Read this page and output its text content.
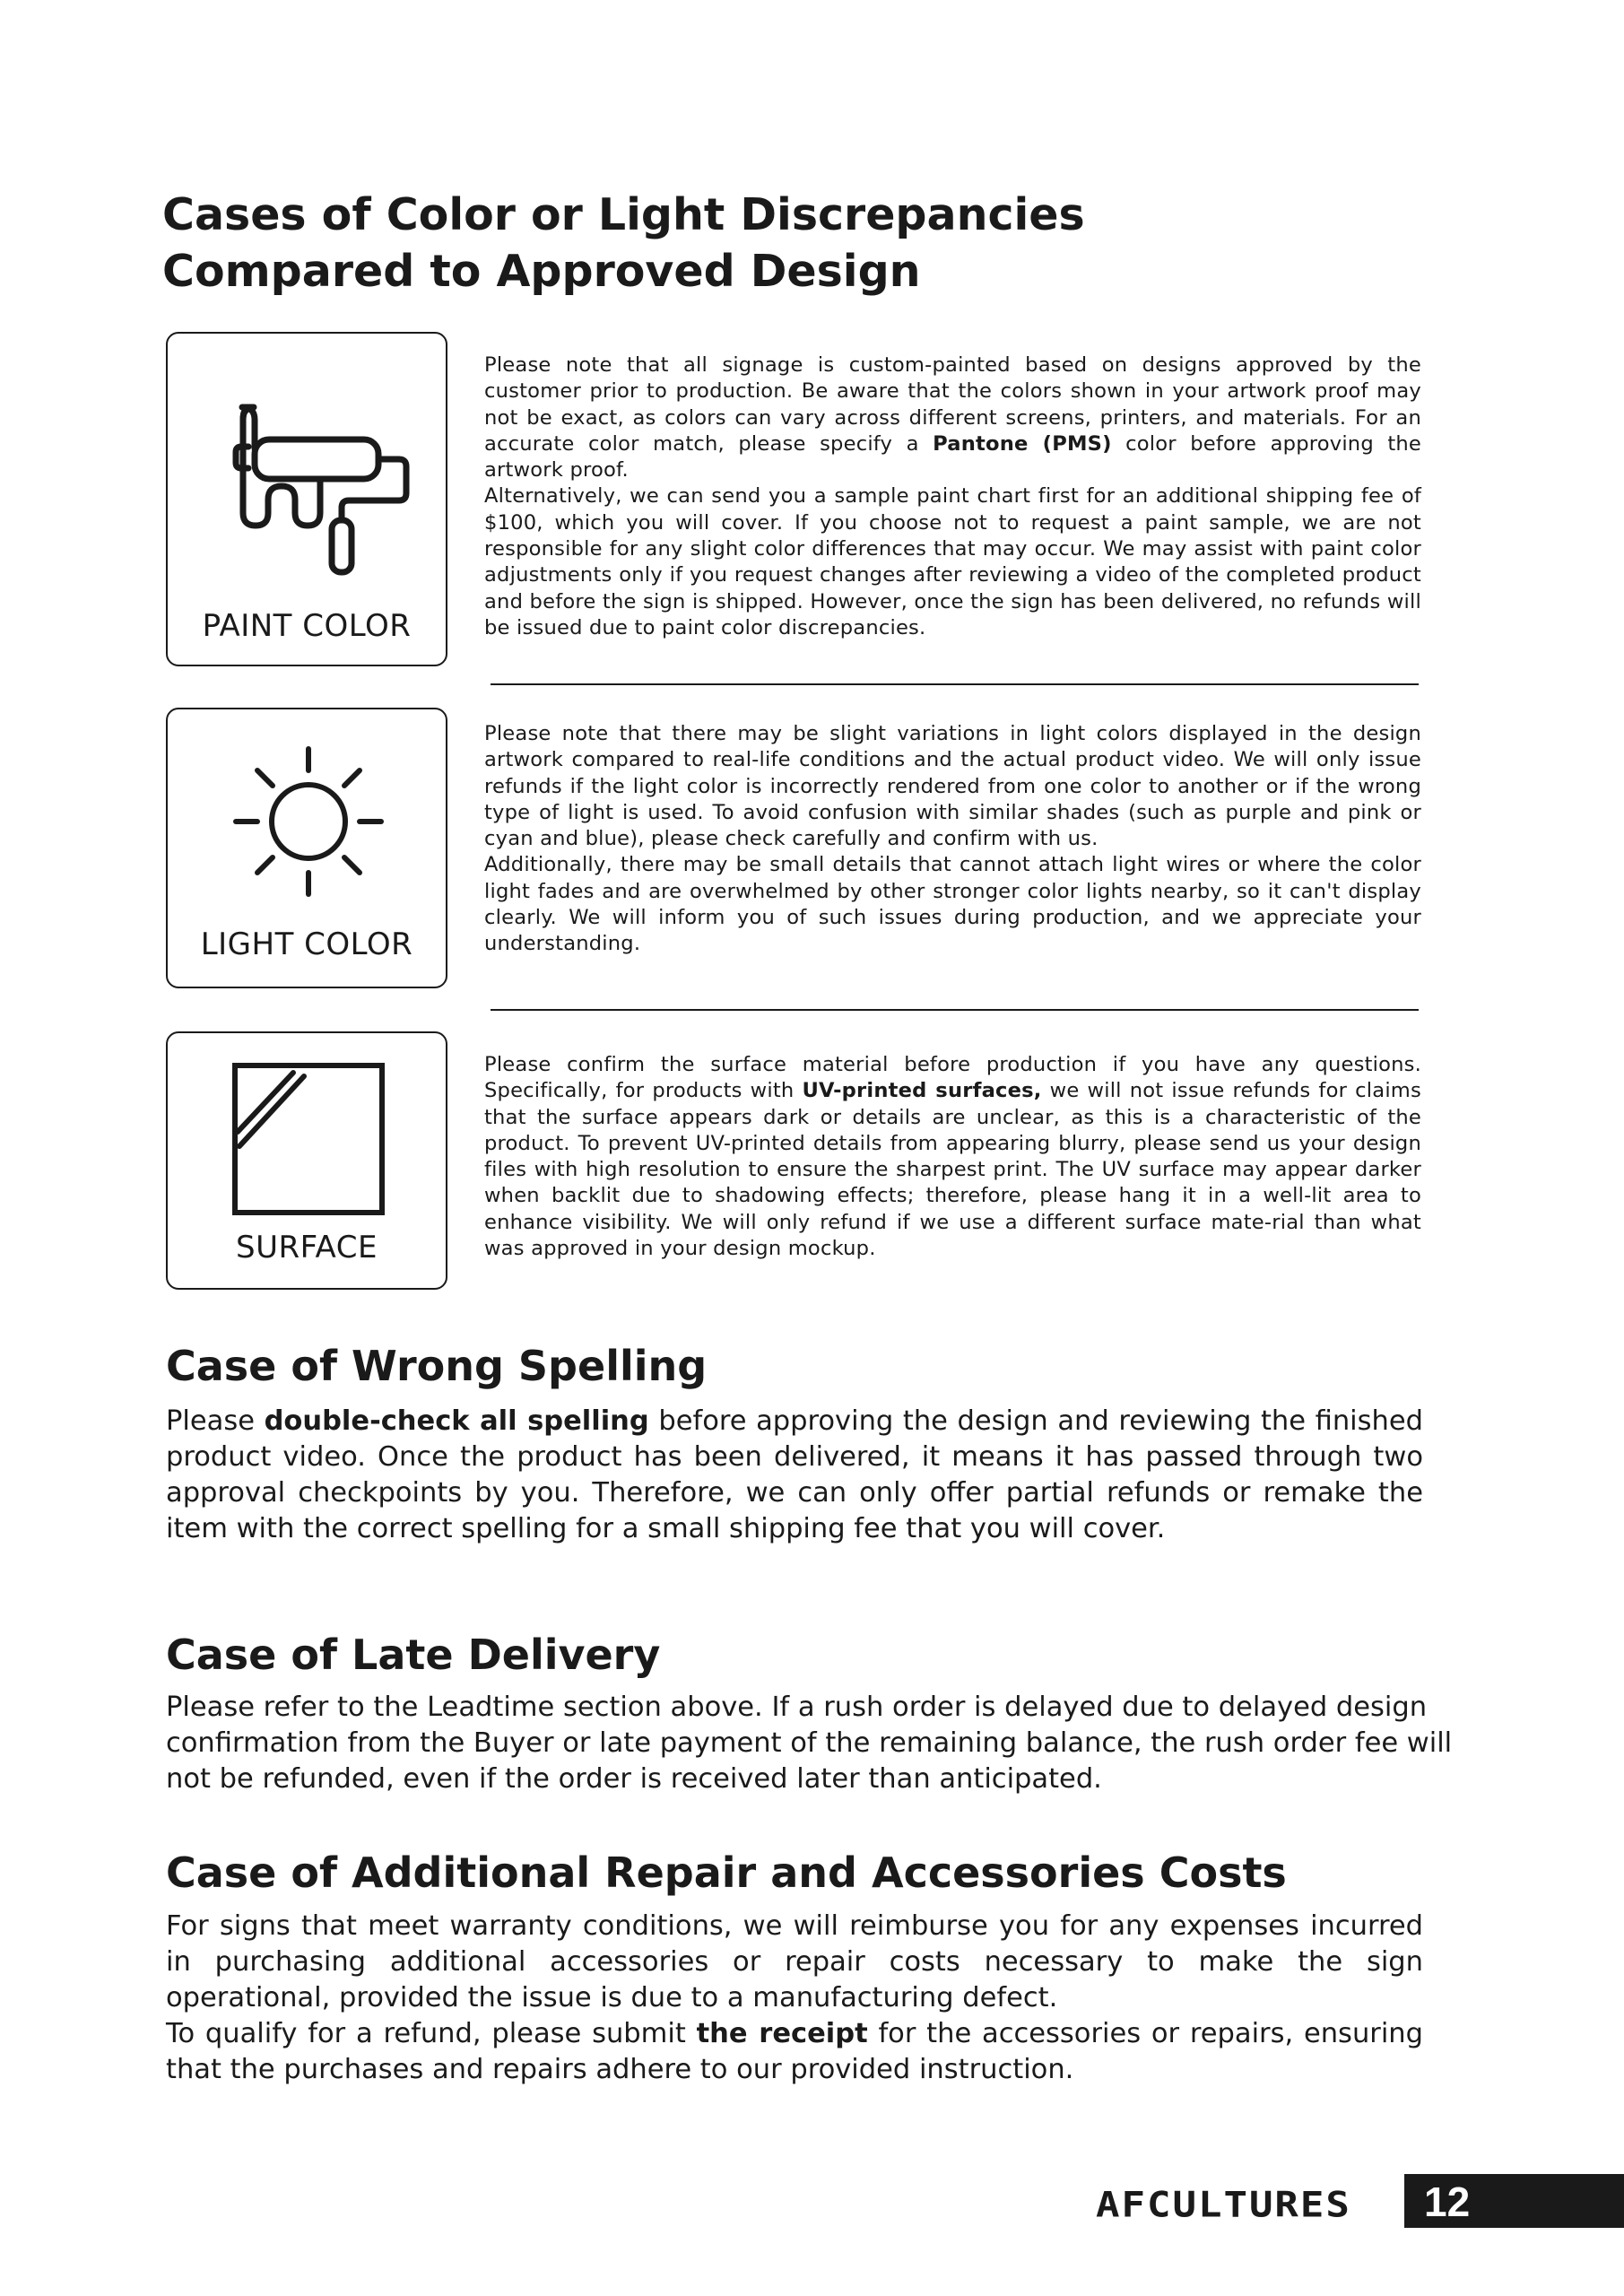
Cases of Color or Light Discrepancies
Compared to Approved Design
PAINT COLOR

Please note that all signage is custom-painted based on designs approved by the customer prior to production. Be aware that the colors shown in your artwork proof may not be exact, as colors can vary across different screens, printers, and materials. For an accurate color match, please specify a Pantone (PMS) color before approving the artwork proof.

Alternatively, we can send you a sample paint chart first for an additional shipping fee of $100, which you will cover. If you choose not to request a paint sample, we are not responsible for any slight color differences that may occur. We may assist with paint color adjustments only if you request changes after reviewing a video of the completed product and before the sign is shipped. However, once the sign has been delivered, no refunds will be issued due to paint color discrepancies.

LIGHT COLOR

Please note that there may be slight variations in light colors displayed in the design artwork compared to real-life conditions and the actual product video. We will only issue refunds if the light color is incorrectly rendered from one color to another or if the wrong type of light is used. To avoid confusion with similar shades (such as purple and pink or cyan and blue), please check carefully and confirm with us.

Additionally, there may be small details that cannot attach light wires or where the color light fades and are overwhelmed by other stronger color lights nearby, so it can't display clearly. We will inform you of such issues during production, and we appreciate your understanding.

SURFACE

Please confirm the surface material before production if you have any questions. Specifically, for products with UV-printed surfaces, we will not issue refunds for claims that the surface appears dark or details are unclear, as this is a characteristic of the product. To prevent UV-printed details from appearing blurry, please send us your design files with high resolution to ensure the sharpest print. The UV surface may appear darker when backlit due to shadowing effects; therefore, please hang it in a well-lit area to enhance visibility. We will only refund if we use a different surface mate-rial than what was approved in your design mockup.

Case of Wrong Spelling

Please double-check all spelling before approving the design and reviewing the finished product video. Once the product has been delivered, it means it has passed through two approval checkpoints by you. Therefore, we can only offer partial refunds or remake the item with the correct spelling for a small shipping fee that you will cover.

Case of Late Delivery

Please refer to the Leadtime section above. If a rush order is delayed due to delayed design confirmation from the Buyer or late payment of the remaining balance, the rush order fee will not be refunded, even if the order is received later than anticipated.

Case of Additional Repair and Accessories Costs

For signs that meet warranty conditions, we will reimburse you for any expenses incurred in purchasing additional accessories or repair costs necessary to make the sign operational, provided the issue is due to a manufacturing defect.

To qualify for a refund, please submit the receipt for the accessories or repairs, ensuring that the purchases and repairs adhere to our provided instruction.

AFCULTURES 12
